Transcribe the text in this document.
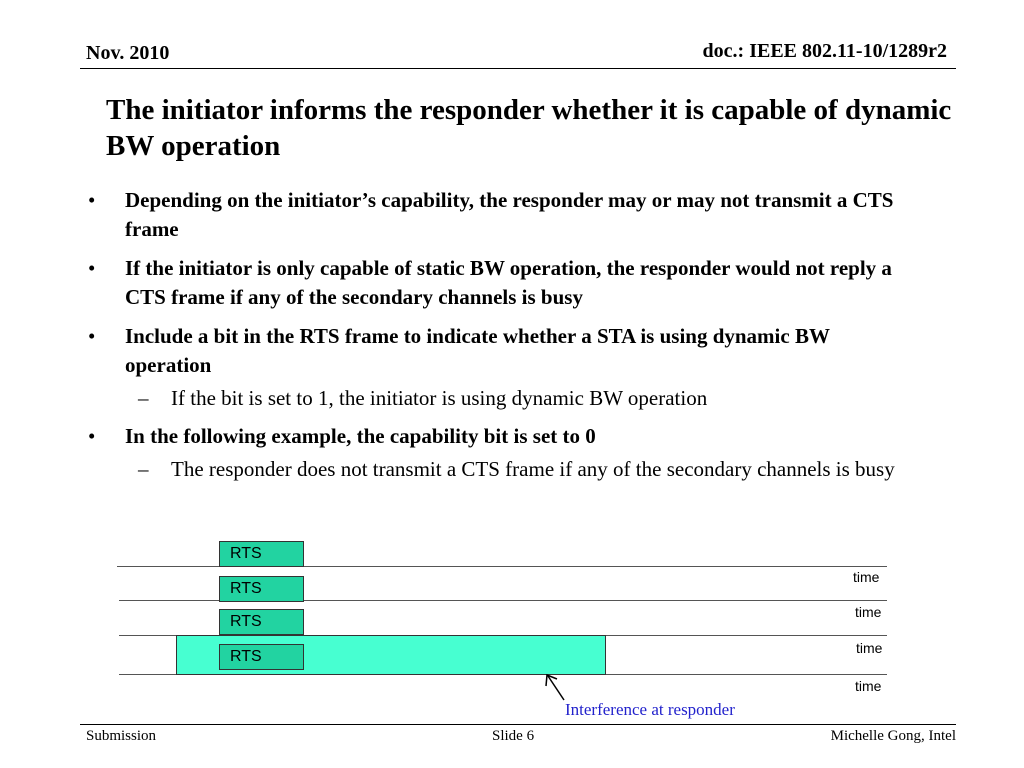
Nov. 2010	doc.: IEEE 802.11-10/1289r2
The initiator informs the responder whether it is capable of dynamic BW operation
• Depending on the initiator’s capability, the responder may or may not transmit a CTS frame
• If the initiator is only capable of static BW operation, the responder would not reply a CTS frame if any of the secondary channels is busy
• Include a bit in the RTS frame to indicate whether a STA is using dynamic BW operation
– If the bit is set to 1, the initiator is using dynamic BW operation
• In the following example, the capability bit is set to 0
– The responder does not transmit a CTS frame if any of the secondary channels is busy
RTS
RTS
RTS
RTS
time
time
time
time
Interference at responder
Submission	Slide 6	Michelle Gong, Intel
